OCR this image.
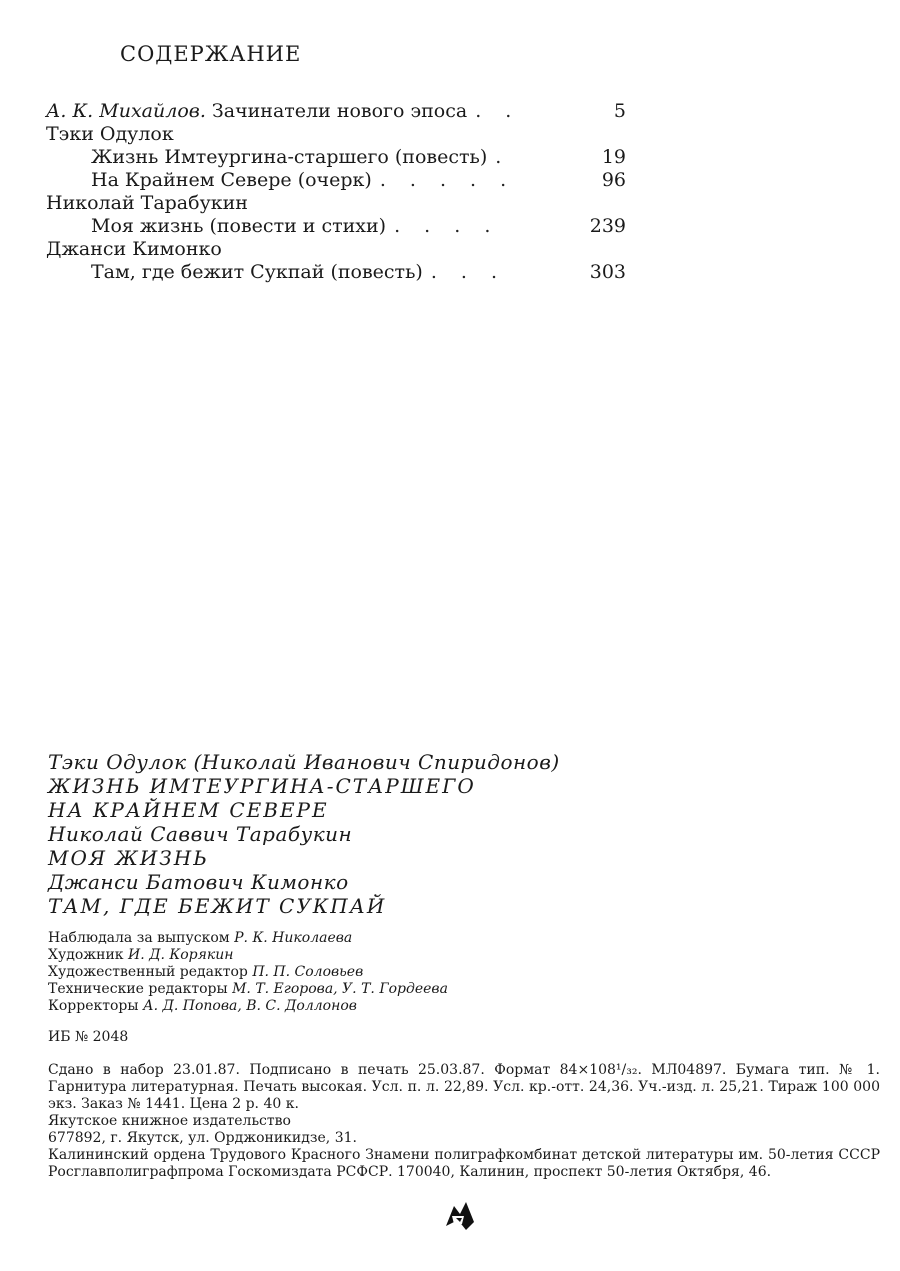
СОДЕРЖАНИЕ
А. К. Михайлов. Зачинатели нового эпоса . .	5
Тэки Одулок
Жизнь Имтеургина-старшего (повесть) .	19
На Крайнем Севере (очерк) . . . . .	96
Николай Тарабукин
Моя жизнь (повести и стихи) . . . .	239
Джанси Кимонко
Там, где бежит Сукпай (повесть) . . .	303
Тэки Одулок (Николай Иванович Спиридонов)
ЖИЗНЬ ИМТЕУРГИНА-СТАРШЕГО
НА КРАЙНЕМ СЕВЕРЕ
Николай Саввич Тарабукин
МОЯ ЖИЗНЬ
Джанси Батович Кимонко
ТАМ, ГДЕ БЕЖИТ СУКПАЙ
Наблюдала за выпуском Р. К. Николаева
Художник И. Д. Корякин
Художественный редактор П. П. Соловьев
Технические редакторы М. Т. Егорова, У. Т. Гордеева
Корректоры А. Д. Попова, В. С. Доллонов
ИБ № 2048

Сдано в набор 23.01.87. Подписано в печать 25.03.87. Формат 84×108¹/₃₂. МЛ04897. Бумага тип. № 1. Гарнитура литературная. Печать высокая. Усл. п. л. 22,89. Усл. кр.-отт. 24,36. Уч.-изд. л. 25,21. Тираж 100 000 экз. Заказ № 1441. Цена 2 р. 40 к.

Якутское книжное издательство

677892, г. Якутск, ул. Орджоникидзе, 31.

Калининский ордена Трудового Красного Знамени полиграфкомбинат детской литературы им. 50-летия СССР Росглавполиграфпрома Госкомиздата РСФСР. 170040, Калинин, проспект 50-летия Октября, 46.
